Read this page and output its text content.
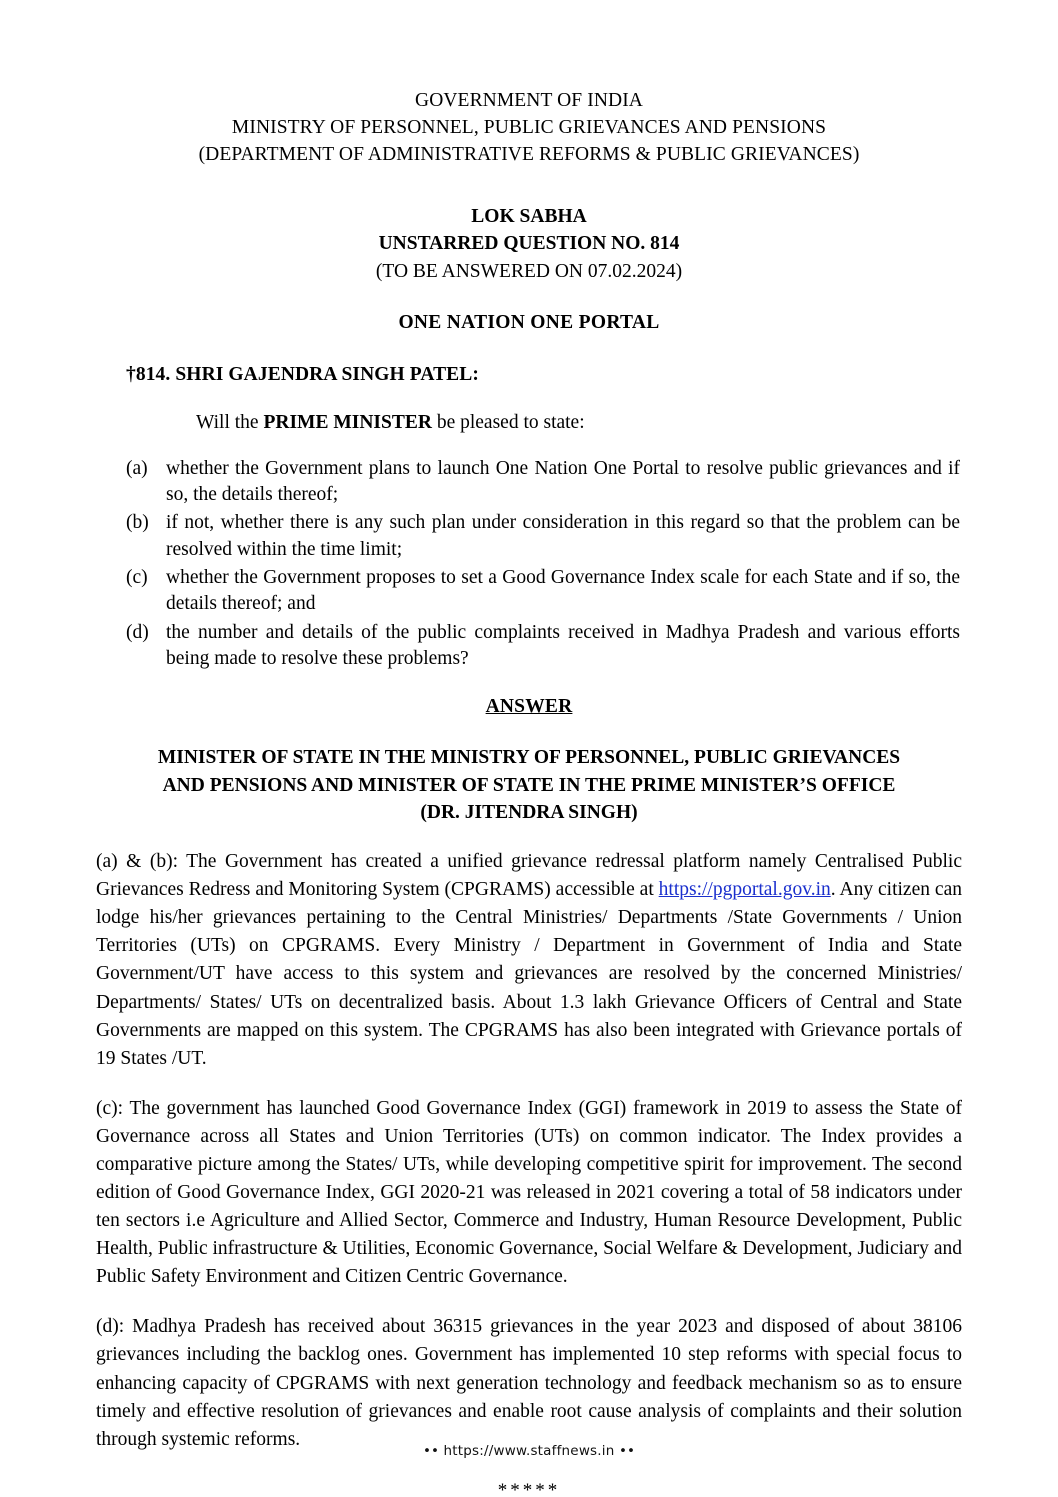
GOVERNMENT OF INDIA
MINISTRY OF PERSONNEL, PUBLIC GRIEVANCES AND PENSIONS
(DEPARTMENT OF ADMINISTRATIVE REFORMS & PUBLIC GRIEVANCES)
LOK SABHA
UNSTARRED QUESTION NO. 814
(TO BE ANSWERED ON 07.02.2024)
ONE NATION ONE PORTAL
†814. SHRI GAJENDRA SINGH PATEL:
Will the PRIME MINISTER be pleased to state:
(a) whether the Government plans to launch One Nation One Portal to resolve public grievances and if so, the details thereof;
(b) if not, whether there is any such plan under consideration in this regard so that the problem can be resolved within the time limit;
(c) whether the Government proposes to set a Good Governance Index scale for each State and if so, the details thereof; and
(d) the number and details of the public complaints received in Madhya Pradesh and various efforts being made to resolve these problems?
ANSWER
MINISTER OF STATE IN THE MINISTRY OF PERSONNEL, PUBLIC GRIEVANCES
AND PENSIONS AND MINISTER OF STATE IN THE PRIME MINISTER’S OFFICE
(DR. JITENDRA SINGH)
(a) & (b): The Government has created a unified grievance redressal platform namely Centralised Public Grievances Redress and Monitoring System (CPGRAMS) accessible at https://pgportal.gov.in. Any citizen can lodge his/her grievances pertaining to the Central Ministries/ Departments /State Governments / Union Territories (UTs) on CPGRAMS. Every Ministry / Department in Government of India and State Government/UT have access to this system and grievances are resolved by the concerned Ministries/ Departments/ States/ UTs on decentralized basis. About 1.3 lakh Grievance Officers of Central and State Governments are mapped on this system. The CPGRAMS has also been integrated with Grievance portals of 19 States /UT.
(c): The government has launched Good Governance Index (GGI) framework in 2019 to assess the State of Governance across all States and Union Territories (UTs) on common indicator. The Index provides a comparative picture among the States/ UTs, while developing competitive spirit for improvement. The second edition of Good Governance Index, GGI 2020-21 was released in 2021 covering a total of 58 indicators under ten sectors i.e Agriculture and Allied Sector, Commerce and Industry, Human Resource Development, Public Health, Public infrastructure & Utilities, Economic Governance, Social Welfare & Development, Judiciary and Public Safety Environment and Citizen Centric Governance.
(d): Madhya Pradesh has received about 36315 grievances in the year 2023 and disposed of about 38106 grievances including the backlog ones. Government has implemented 10 step reforms with special focus to enhancing capacity of CPGRAMS with next generation technology and feedback mechanism so as to ensure timely and effective resolution of grievances and enable root cause analysis of complaints and their solution through systemic reforms.
*****
•• https://www.staffnews.in ••
